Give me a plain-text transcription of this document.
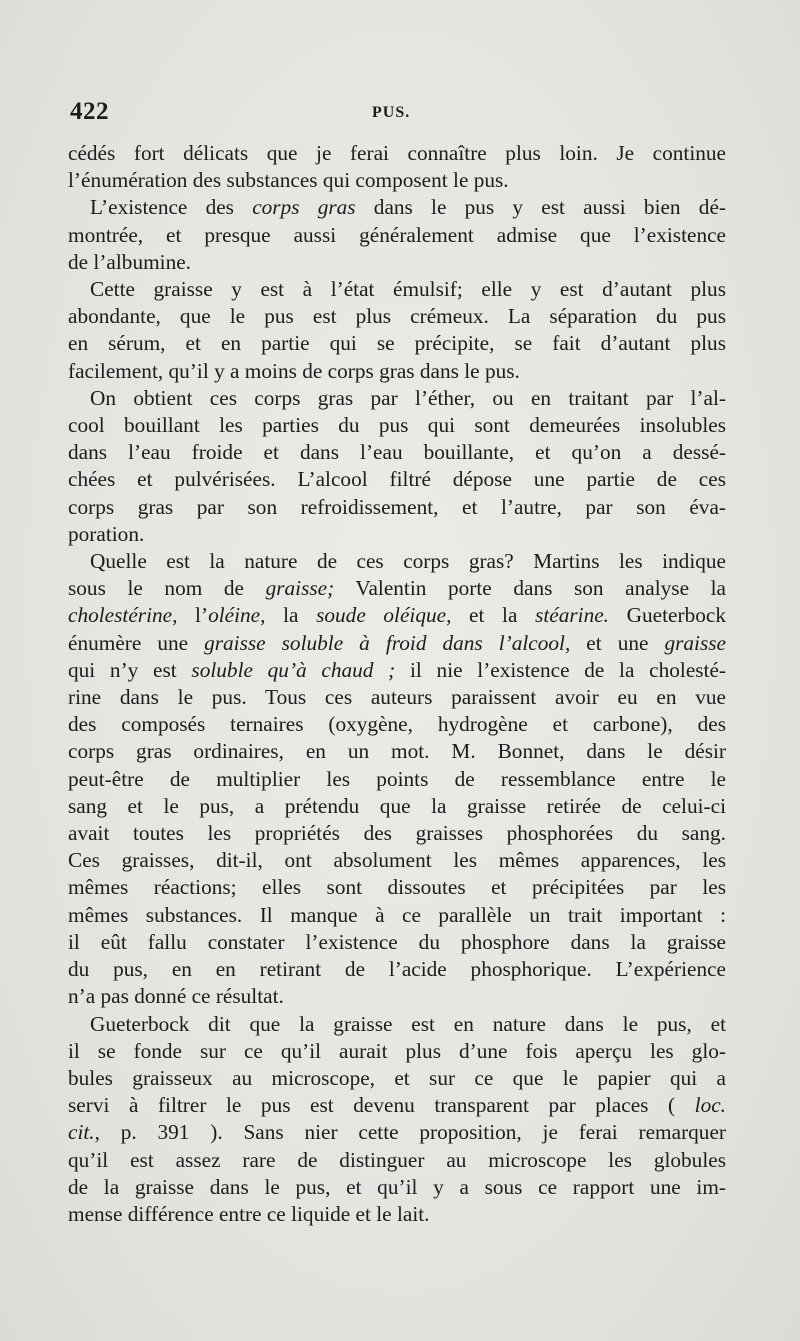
422	PUS.
cédés fort délicats que je ferai connaître plus loin. Je continue
l’énumération des substances qui composent le pus.
L’existence des corps gras dans le pus y est aussi bien dé-
montrée, et presque aussi généralement admise que l’existence
de l’albumine.
Cette graisse y est à l’état émulsif; elle y est d’autant plus
abondante, que le pus est plus crémeux. La séparation du pus
en sérum, et en partie qui se précipite, se fait d’autant plus
facilement, qu’il y a moins de corps gras dans le pus.
On obtient ces corps gras par l’éther, ou en traitant par l’al-
cool bouillant les parties du pus qui sont demeurées insolubles
dans l’eau froide et dans l’eau bouillante, et qu’on a dessé-
chées et pulvérisées. L’alcool filtré dépose une partie de ces
corps gras par son refroidissement, et l’autre, par son éva-
poration.
Quelle est la nature de ces corps gras? Martins les indique
sous le nom de graisse; Valentin porte dans son analyse la
cholestérine, l’oléine, la soude oléique, et la stéarine. Gueterbock
énumère une graisse soluble à froid dans l’alcool, et une graisse
qui n’y est soluble qu’à chaud ; il nie l’existence de la cholesté-
rine dans le pus. Tous ces auteurs paraissent avoir eu en vue
des composés ternaires (oxygène, hydrogène et carbone), des
corps gras ordinaires, en un mot. M. Bonnet, dans le désir
peut-être de multiplier les points de ressemblance entre le
sang et le pus, a prétendu que la graisse retirée de celui-ci
avait toutes les propriétés des graisses phosphorées du sang.
Ces graisses, dit-il, ont absolument les mêmes apparences, les
mêmes réactions; elles sont dissoutes et précipitées par les
mêmes substances. Il manque à ce parallèle un trait important :
il eût fallu constater l’existence du phosphore dans la graisse
du pus, en en retirant de l’acide phosphorique. L’expérience
n’a pas donné ce résultat.
Gueterbock dit que la graisse est en nature dans le pus, et
il se fonde sur ce qu’il aurait plus d’une fois aperçu les glo-
bules graisseux au microscope, et sur ce que le papier qui a
servi à filtrer le pus est devenu transparent par places ( loc.
cit., p. 391 ). Sans nier cette proposition, je ferai remarquer
qu’il est assez rare de distinguer au microscope les globules
de la graisse dans le pus, et qu’il y a sous ce rapport une im-
mense différence entre ce liquide et le lait.
